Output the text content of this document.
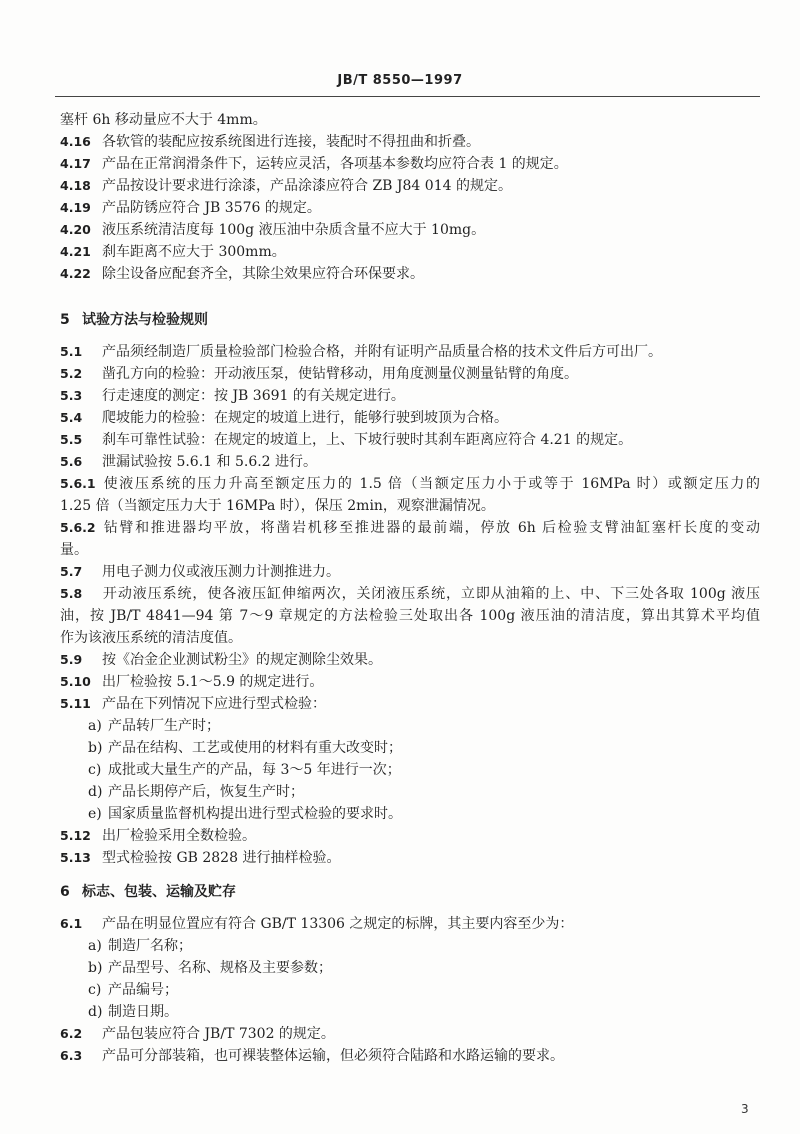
JB/T 8550—1997
塞杆 6h 移动量应不大于 4mm。
4.16 各软管的装配应按系统图进行连接，装配时不得扭曲和折叠。
4.17 产品在正常润滑条件下，运转应灵活，各项基本参数均应符合表 1 的规定。
4.18 产品按设计要求进行涂漆，产品涂漆应符合 ZB J84 014 的规定。
4.19 产品防锈应符合 JB 3576 的规定。
4.20 液压系统清洁度每 100g 液压油中杂质含量不应大于 10mg。
4.21 刹车距离不应大于 300mm。
4.22 除尘设备应配套齐全，其除尘效果应符合环保要求。
5 试验方法与检验规则
5.1 产品须经制造厂质量检验部门检验合格，并附有证明产品质量合格的技术文件后方可出厂。
5.2 凿孔方向的检验：开动液压泵，使钻臂移动，用角度测量仪测量钻臂的角度。
5.3 行走速度的测定：按 JB 3691 的有关规定进行。
5.4 爬坡能力的检验：在规定的坡道上进行，能够行驶到坡顶为合格。
5.5 刹车可靠性试验：在规定的坡道上，上、下坡行驶时其刹车距离应符合 4.21 的规定。
5.6 泄漏试验按 5.6.1 和 5.6.2 进行。
5.6.1 使液压系统的压力升高至额定压力的 1.5 倍（当额定压力小于或等于 16MPa 时）或额定压力的
1.25 倍（当额定压力大于 16MPa 时），保压 2min，观察泄漏情况。
5.6.2 钻臂和推进器均平放，将凿岩机移至推进器的最前端，停放 6h 后检验支臂油缸塞杆长度的变动
量。
5.7 用电子测力仪或液压测力计测推进力。
5.8 开动液压系统，使各液压缸伸缩两次，关闭液压系统，立即从油箱的上、中、下三处各取 100g 液压
油，按 JB/T 4841—94 第 7～9 章规定的方法检验三处取出各 100g 液压油的清洁度，算出其算术平均值
作为该液压系统的清洁度值。
5.9 按《冶金企业测试粉尘》的规定测除尘效果。
5.10 出厂检验按 5.1～5.9 的规定进行。
5.11 产品在下列情况下应进行型式检验：
a) 产品转厂生产时；
b) 产品在结构、工艺或使用的材料有重大改变时；
c) 成批或大量生产的产品，每 3～5 年进行一次；
d) 产品长期停产后，恢复生产时；
e) 国家质量监督机构提出进行型式检验的要求时。
5.12 出厂检验采用全数检验。
5.13 型式检验按 GB 2828 进行抽样检验。
6 标志、包装、运输及贮存
6.1 产品在明显位置应有符合 GB/T 13306 之规定的标牌，其主要内容至少为：
a) 制造厂名称；
b) 产品型号、名称、规格及主要参数；
c) 产品编号；
d) 制造日期。
6.2 产品包装应符合 JB/T 7302 的规定。
6.3 产品可分部装箱，也可裸装整体运输，但必须符合陆路和水路运输的要求。
3
